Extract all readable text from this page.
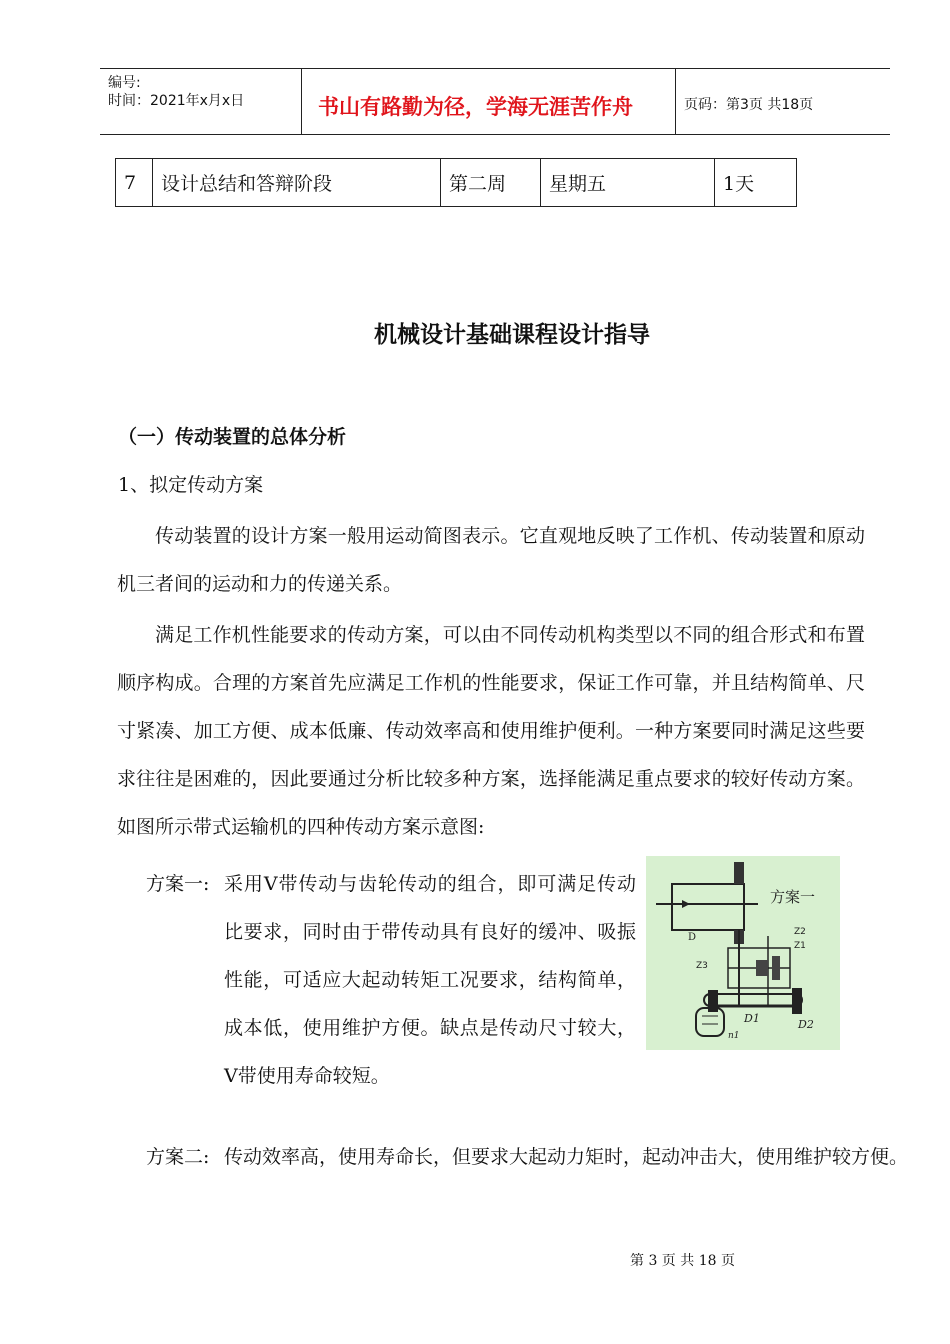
编号:
时间：2021年x月x日	书山有路勤为径，学海无涯苦作舟	页码：第3页 共18页
7	设计总结和答辩阶段	第二周	星期五	1天
机械设计基础课程设计指导
（一）传动装置的总体分析
1、拟定传动方案
传动装置的设计方案一般用运动简图表示。它直观地反映了工作机、传动装置和原动机三者间的运动和力的传递关系。
满足工作机性能要求的传动方案，可以由不同传动机构类型以不同的组合形式和布置顺序构成。合理的方案首先应满足工作机的性能要求，保证工作可靠，并且结构简单、尺寸紧凑、加工方便、成本低廉、传动效率高和使用维护便利。一种方案要同时满足这些要求往往是困难的，因此要通过分析比较多种方案，选择能满足重点要求的较好传动方案。如图所示带式运输机的四种传动方案示意图:
方案一: 采用V带传动与齿轮传动的组合，即可满足传动比要求，同时由于带传动具有良好的缓冲、吸振性能，可适应大起动转矩工况要求，结构简单，成本低，使用维护方便。缺点是传动尺寸较大，V带使用寿命较短。
方案一
D
Z1
Z2
Z3
D1	D2
n1
方案二: 传动效率高，使用寿命长，但要求大起动力矩时，起动冲击大，使用维护较方便。
第 3 页 共 18 页
